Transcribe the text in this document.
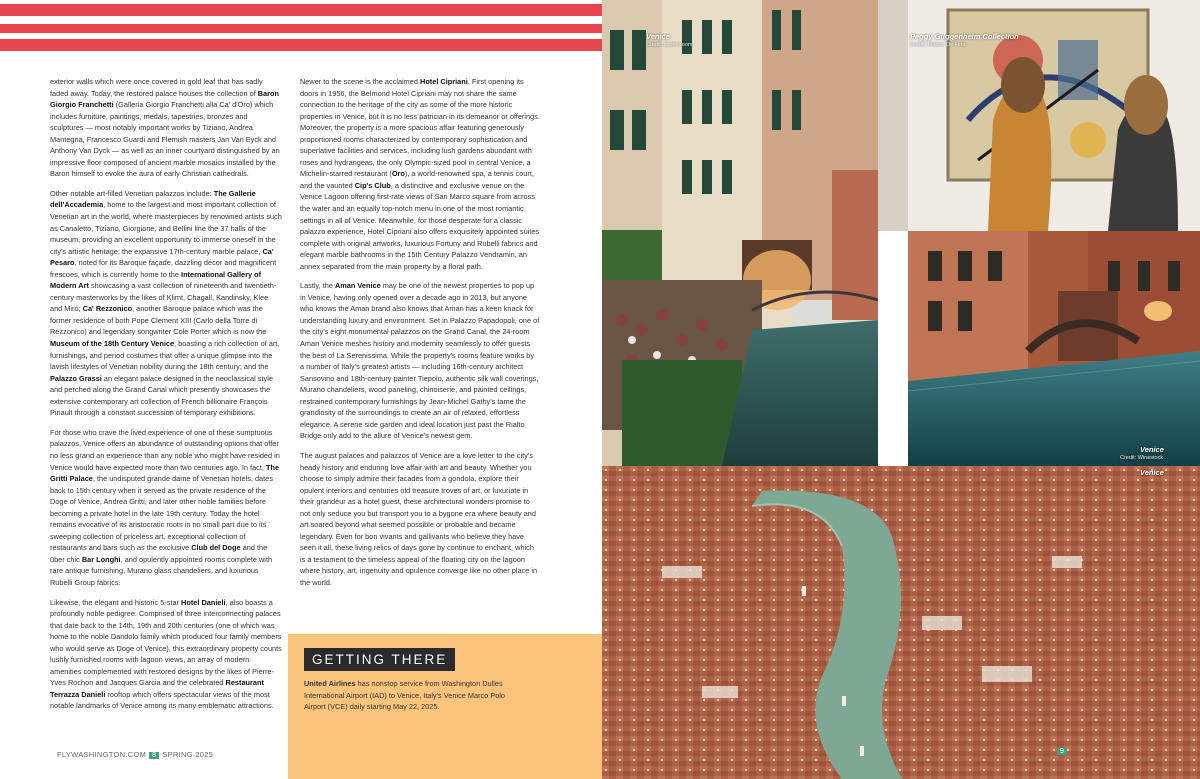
exterior walls which were once covered in gold leaf that has sadly faded away. Today, the restored palace houses the collection of Baron Giorgio Franchetti (Galleria Giorgio Franchetti alla Ca' d'Oro) which includes furniture, paintings, medals, tapestries, bronzes and sculptures — most notably important works by Tiziano, Andrea Mantegna, Francesco Guardi and Flemish masters Jan Van Eyck and Anthony Van Dyck — as well as an inner courtyard distinguished by an impressive floor composed of ancient marble mosaics installed by the Baron himself to evoke the aura of early Christian cathedrals.

Other notable art-filled Venetian palazzos include: The Gallerie dell'Accademia, home to the largest and most important collection of Venetian art in the world, where masterpieces by renowned artists such as Canaletto, Tiziano, Giorgione, and Bellini line the 37 halls of the museum, providing an excellent opportunity to immerse oneself in the city's artistic heritage; the expansive 17th-century marble palace, Ca' Pesaro, noted for its Baroque façade, dazzling décor and magnificent frescoes, which is currently home to the International Gallery of Modern Art showcasing a vast collection of nineteenth and twentieth-century masterworks by the likes of Klimt, Chagall, Kandinsky, Klee and Miró; Ca' Rezzonico, another Baroque palace which was the former residence of both Pope Clement XIII (Carlo della Torre di Rezzonico) and legendary songwriter Cole Porter which is now the Museum of the 18th Century Venice, boasting a rich collection of art, furnishings, and period costumes that offer a unique glimpse into the lavish lifestyles of Venetian nobility during the 18th century; and the Palazzo Grassi an elegant palace designed in the neoclassical style and perched along the Grand Canal which presently showcases the extensive contemporary art collection of French billionaire François Pinault through a constant succession of temporary exhibitions.

For those who crave the lived experience of one of these sumptuous palazzos, Venice offers an abundance of outstanding options that offer no less grand an experience than any noble who might have resided in Venice would have expected more than two centuries ago. In fact, The Gritti Palace, the undisputed grande dame of Venetian hotels, dates back to 15th century when it served as the private residence of the Doge of Venice, Andrea Gritti, and later other noble families before becoming a private hotel in the late 19th century. Today the hotel remains evocative of its aristocratic roots in no small part due to its sweeping collection of priceless art, exceptional collection of restaurants and bars such as the exclusive Club del Doge and the über chic Bar Longhi, and opulently appointed rooms complete with rare antique furnishing, Murano glass chandeliers, and luxurious Rubelli Group fabrics.

Likewise, the elegant and historic 5-star Hotel Danieli, also boasts a profoundly noble pedigree. Comprised of three interconnecting palaces that date back to the 14th, 19th and 20th centuries (one of which was home to the noble Dandolo family which produced four family members who would serve as Doge of Venice), this extraordinary property counts lushly furnished rooms with lagoon views, an array of modern amenities complemented with restored designs by the likes of Pierre-Yves Rochon and Jacques Garcia and the celebrated Restaurant Terrazza Danieli rooftop which offers spectacular views of the most notable landmarks of Venice among its many emblematic attractions.

Newer to the scene is the acclaimed Hotel Cipriani. First opening its doors in 1956, the Belmond Hotel Cipriani may not share the same connection to the heritage of the city as some of the more historic properties in Venice, but it is no less patrician in its demeanor or offerings. Moreover, the property is a more spacious affair featuring generously proportioned rooms characterized by contemporary sophistication and superlative facilities and services, including lush gardens abundant with roses and hydrangeas, the only Olympic-sized pool in central Venice, a Michelin-starred restaurant (Oro), a world-renowned spa, a tennis court, and the vaunted Cip's Club, a distinctive and exclusive venue on the Venice Lagoon offering first-rate views of San Marco square from across the water and an equally top-notch menu in one of the most romantic settings in all of Venice. Meanwhile, for those desperate for a classic palazzo experience, Hotel Cipriani also offers exquisitely appointed suites complete with original artworks, luxurious Fortuny and Rubelli fabrics and elegant marble bathrooms in the 15th Century Palazzo Vendramin, an annex separated from the main property by a floral path.

Lastly, the Aman Venice may be one of the newest properties to pop up in Venice, having only opened over a decade ago in 2013, but anyone who knows the Aman brand also knows that Aman has a keen knack for understanding luxury and environment. Set in Palazzo Papadopoli, one of the city's eight monumental palazzos on the Grand Canal, the 24-room Aman Venice meshes history and modernity seamlessly to offer guests the best of La Serenissima. While the property's rooms feature works by a number of Italy's greatest artists — including 16th-century architect Sansovino and 18th-century painter Tiepolo, authentic silk wall coverings, Murano chandeliers, wood paneling, chinoiserie, and painted ceilings, restrained contemporary furnishings by Jean-Michel Gathy's tame the grandiosity of the surroundings to create an air of relaxed, effortless elegance. A serene side garden and ideal location just past the Rialto Bridge only add to the allure of Venice's newest gem.

The august palaces and palazzos of Venice are a love letter to the city's heady history and enduring love affair with art and beauty. Whether you choose to simply admire their facades from a gondola, explore their opulent interiors and centuries old treasure troves of art, or luxuriate in their grandeur as a hotel guest, these architectural wonders promise to not only seduce you but transport you to a bygone era where beauty and art soared beyond what seemed possible or probable and became legendary. Even for bon vivants and gallivants who believe they have seen it all, these living relics of days gone by continue to enchant, which is a testament to the timeless appeal of the floating city on the lagoon where history, art, ingenuity and opulence converge like no other place in the world.

GETTING THERE
United Airlines has nonstop service from Washington Dulles International Airport (IAD) to Venice, Italy's Venice Marco Polo Airport (VCE) daily starting May 22, 2025.
FLYWASHINGTON.COM 8 SPRING 2025
Venice
Credit: zoom-zoom
Peggy Guggenheim Collection
Credit: Matteo De Fina
Venice
Credit: Winestock
Venice
9
